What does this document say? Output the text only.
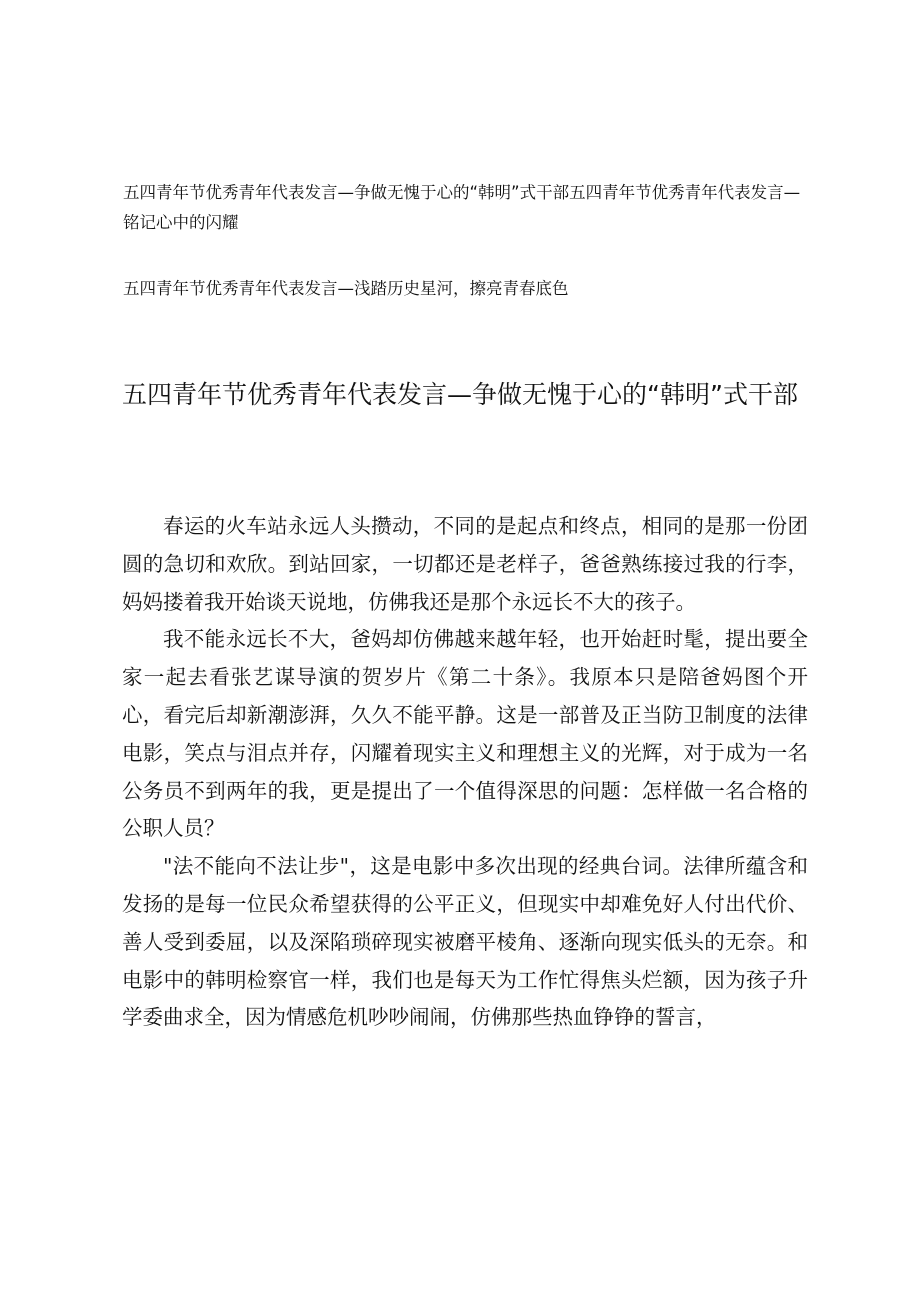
五四青年节优秀青年代表发言—争做无愧于心的“韩明”式干部五四青年节优秀青年代表发言—铭记心中的闪耀

五四青年节优秀青年代表发言—浅踏历史星河，擦亮青春底色

五四青年节优秀青年代表发言—争做无愧于心的“韩明”式干部

春运的火车站永远人头攒动，不同的是起点和终点，相同的是那一份团圆的急切和欢欣。到站回家，一切都还是老样子，爸爸熟练接过我的行李，妈妈搂着我开始谈天说地，仿佛我还是那个永远长不大的孩子。

我不能永远长不大，爸妈却仿佛越来越年轻，也开始赶时髦，提出要全家一起去看张艺谋导演的贺岁片《第二十条》。我原本只是陪爸妈图个开心，看完后却新潮澎湃，久久不能平静。这是一部普及正当防卫制度的法律电影，笑点与泪点并存，闪耀着现实主义和理想主义的光辉，对于成为一名公务员不到两年的我，更是提出了一个值得深思的问题：怎样做一名合格的公职人员？

"法不能向不法让步"，这是电影中多次出现的经典台词。法律所蕴含和发扬的是每一位民众希望获得的公平正义，但现实中却难免好人付出代价、善人受到委屈，以及深陷琐碎现实被磨平棱角、逐渐向现实低头的无奈。和电影中的韩明检察官一样，我们也是每天为工作忙得焦头烂额，因为孩子升学委曲求全，因为情感危机吵吵闹闹，仿佛那些热血铮铮的誓言，
